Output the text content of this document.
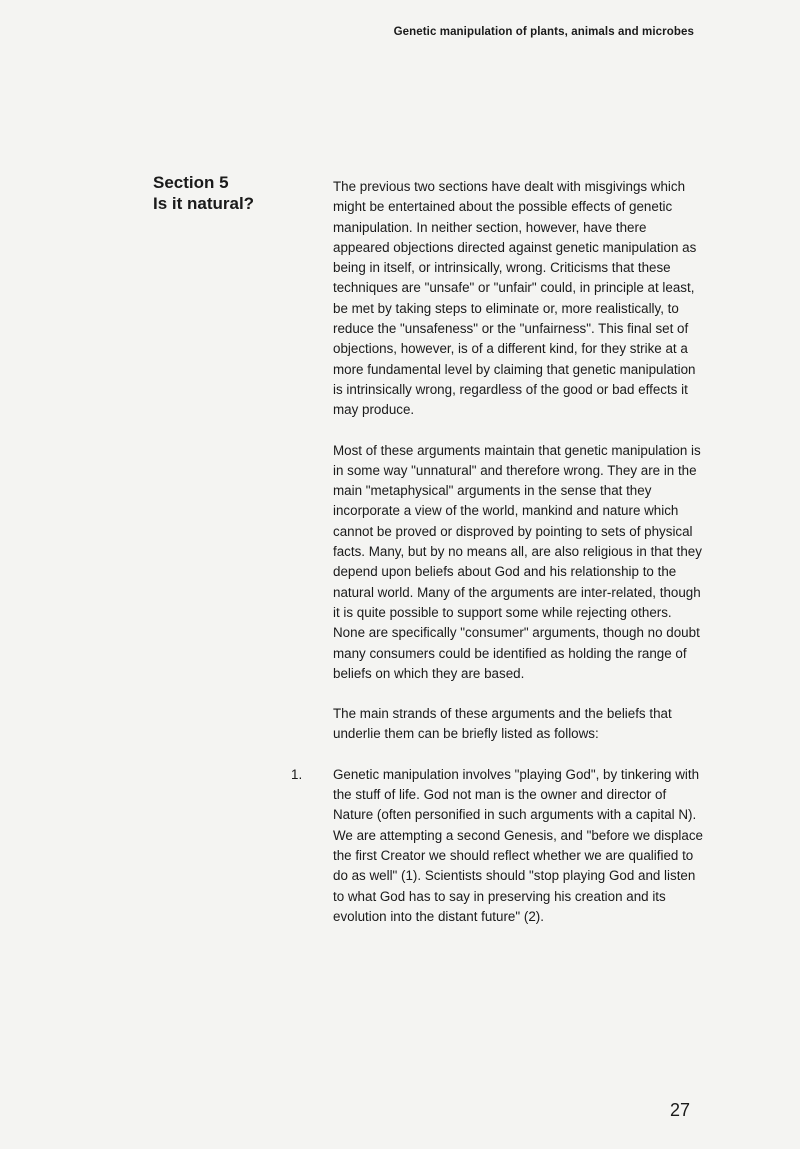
Genetic manipulation of plants, animals and microbes
Section 5
Is it natural?

The previous two sections have dealt with misgivings which might be entertained about the possible effects of genetic manipulation. In neither section, however, have there appeared objections directed against genetic manipulation as being in itself, or intrinsically, wrong. Criticisms that these techniques are "unsafe" or "unfair" could, in principle at least, be met by taking steps to eliminate or, more realistically, to reduce the "unsafeness" or the "unfairness". This final set of objections, however, is of a different kind, for they strike at a more fundamental level by claiming that genetic manipulation is intrinsically wrong, regardless of the good or bad effects it may produce.

Most of these arguments maintain that genetic manipulation is in some way "unnatural" and therefore wrong. They are in the main "metaphysical" arguments in the sense that they incorporate a view of the world, mankind and nature which cannot be proved or disproved by pointing to sets of physical facts. Many, but by no means all, are also religious in that they depend upon beliefs about God and his relationship to the natural world. Many of the arguments are inter-related, though it is quite possible to support some while rejecting others. None are specifically "consumer" arguments, though no doubt many consumers could be identified as holding the range of beliefs on which they are based.

The main strands of these arguments and the beliefs that underlie them can be briefly listed as follows:

1. Genetic manipulation involves "playing God", by tinkering with the stuff of life. God not man is the owner and director of Nature (often personified in such arguments with a capital N). We are attempting a second Genesis, and "before we displace the first Creator we should reflect whether we are qualified to do as well" (1). Scientists should "stop playing God and listen to what God has to say in preserving his creation and its evolution into the distant future" (2).

27
